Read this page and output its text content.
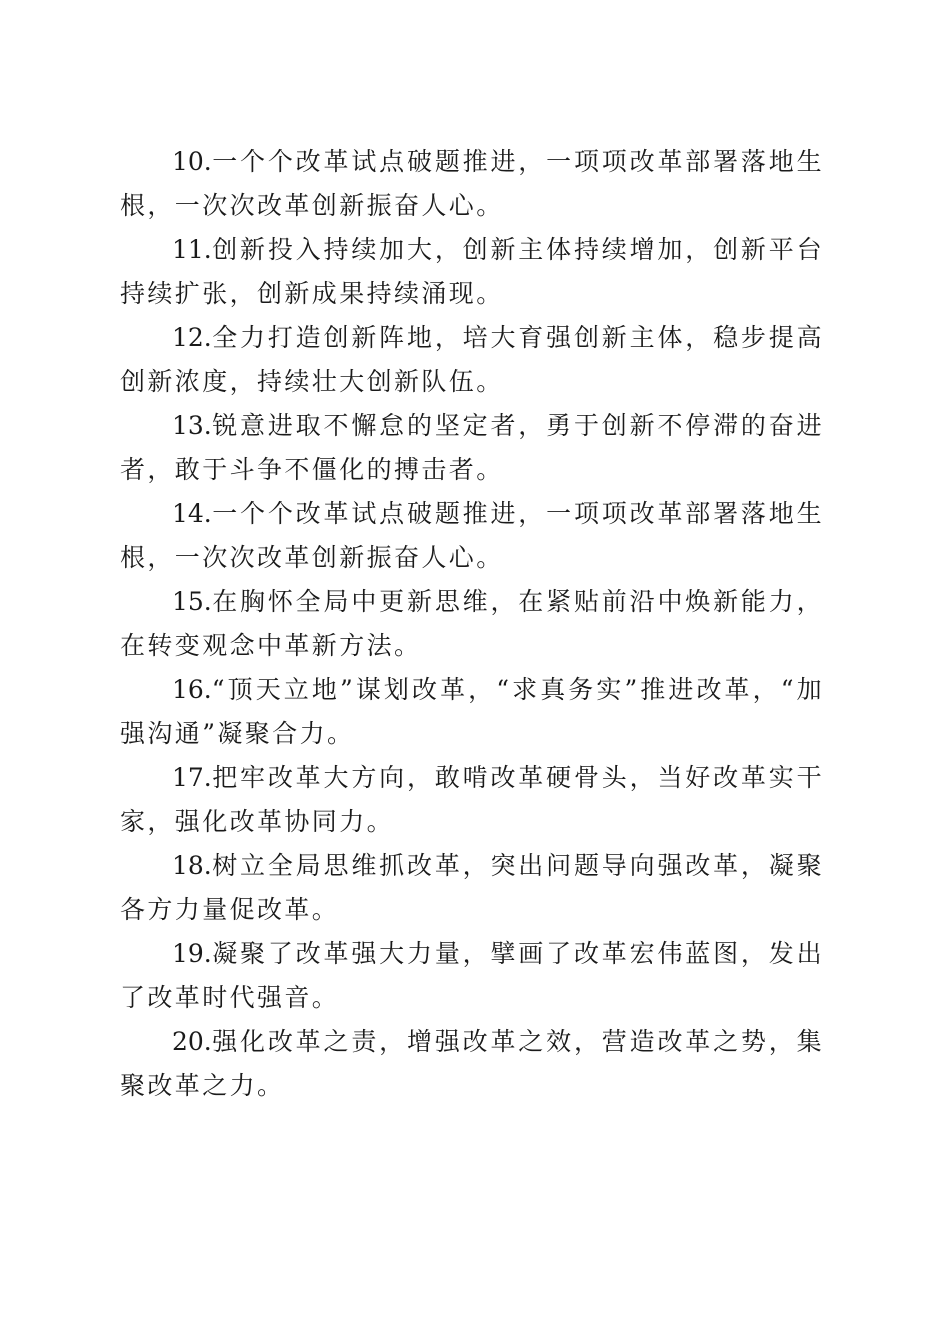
10.一个个改革试点破题推进，一项项改革部署落地生根，一次次改革创新振奋人心。

11.创新投入持续加大，创新主体持续增加，创新平台持续扩张，创新成果持续涌现。

12.全力打造创新阵地，培大育强创新主体，稳步提高创新浓度，持续壮大创新队伍。

13.锐意进取不懈怠的坚定者，勇于创新不停滞的奋进者，敢于斗争不僵化的搏击者。

14.一个个改革试点破题推进，一项项改革部署落地生根，一次次改革创新振奋人心。

15.在胸怀全局中更新思维，在紧贴前沿中焕新能力，在转变观念中革新方法。

16.“顶天立地”谋划改革，“求真务实”推进改革，“加强沟通”凝聚合力。

17.把牢改革大方向，敢啃改革硬骨头，当好改革实干家，强化改革协同力。

18.树立全局思维抓改革，突出问题导向强改革，凝聚各方力量促改革。

19.凝聚了改革强大力量，擘画了改革宏伟蓝图，发出了改革时代强音。

20.强化改革之责，增强改革之效，营造改革之势，集聚改革之力。
